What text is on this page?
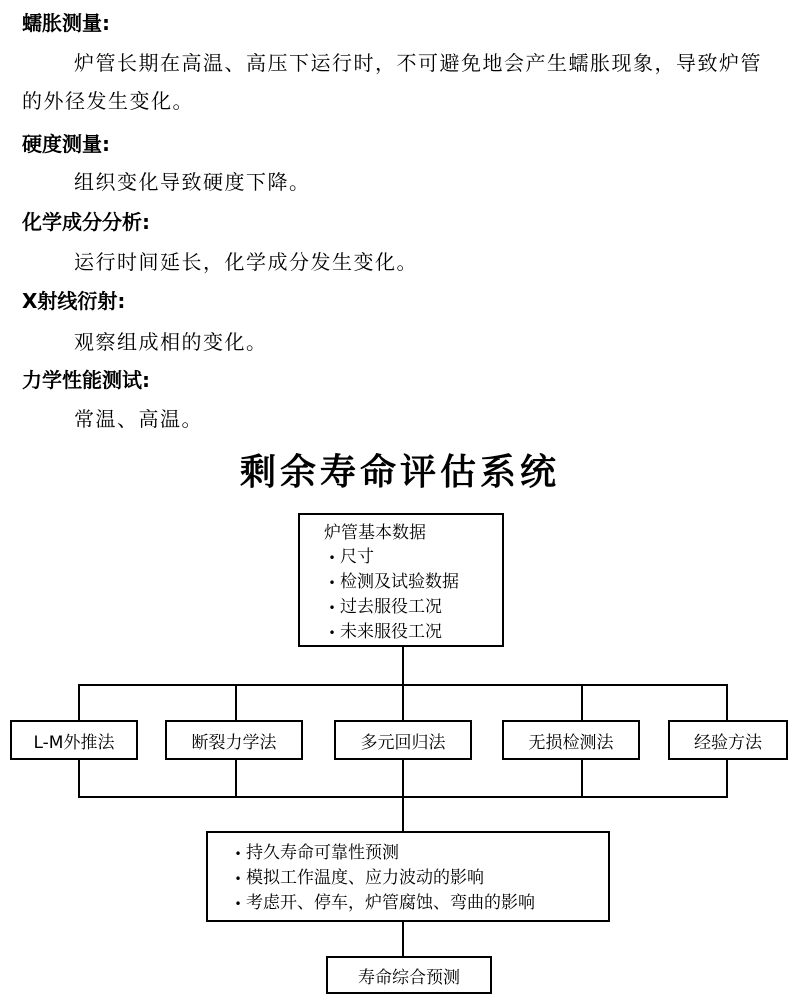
蠕胀测量:
炉管长期在高温、高压下运行时，不可避免地会产生蠕胀现象，导致炉管的外径发生变化。
硬度测量:
组织变化导致硬度下降。
化学成分分析:
运行时间延长，化学成分发生变化。
X射线衍射:
观察组成相的变化。
力学性能测试:
常温、高温。
剩余寿命评估系统
炉管基本数据
• 尺寸
• 检测及试验数据
• 过去服役工况
• 未来服役工况
L-M外推法	断裂力学法	多元回归法	无损检测法	经验方法
• 持久寿命可靠性预测
• 模拟工作温度、应力波动的影响
• 考虑开、停车，炉管腐蚀、弯曲的影响
寿命综合预测
